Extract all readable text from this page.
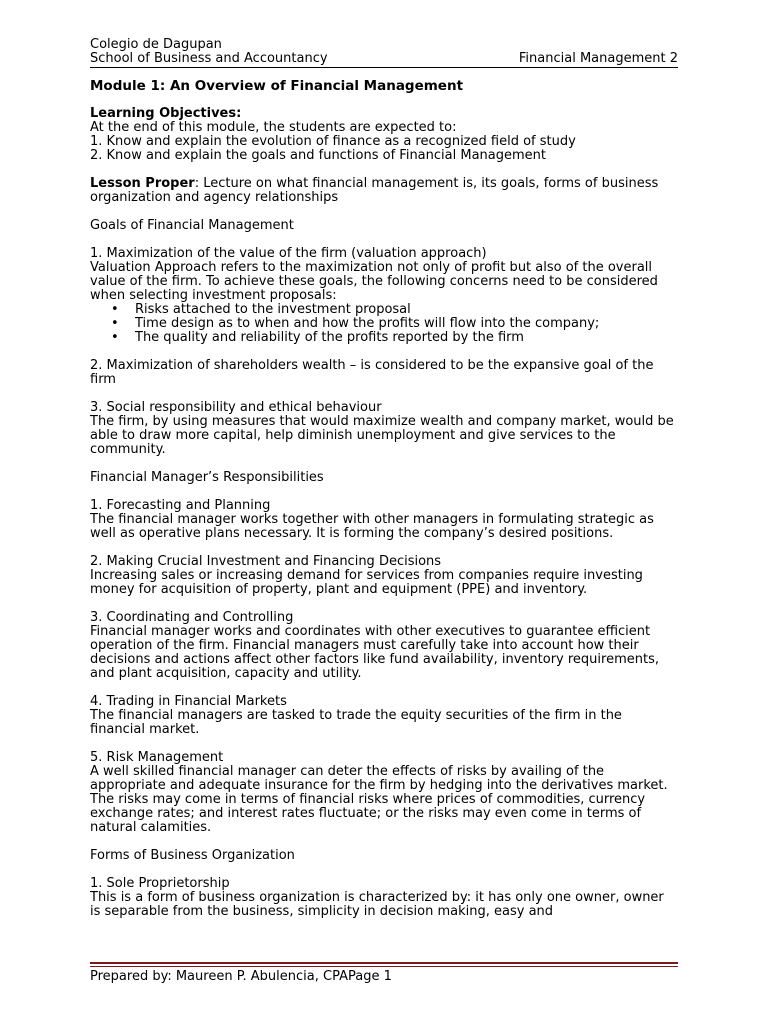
Colegio de Dagupan
School of Business and Accountancy	Financial Management 2
Module 1: An Overview of Financial Management

Learning Objectives:

At the end of this module, the students are expected to:

1. Know and explain the evolution of finance as a recognized field of study

2. Know and explain the goals and functions of Financial Management

Lesson Proper: Lecture on what financial management is, its goals, forms of business organization and agency relationships

Goals of Financial Management

1. Maximization of the value of the firm (valuation approach)

Valuation Approach refers to the maximization not only of profit but also of the overall value of the firm. To achieve these goals, the following concerns need to be considered when selecting investment proposals:

• Risks attached to the investment proposal
• Time design as to when and how the profits will flow into the company;
• The quality and reliability of the profits reported by the firm

2. Maximization of shareholders wealth – is considered to be the expansive goal of the firm

3. Social responsibility and ethical behaviour

The firm, by using measures that would maximize wealth and company market, would be able to draw more capital, help diminish unemployment and give services to the community.

Financial Manager’s Responsibilities

1. Forecasting and Planning

The financial manager works together with other managers in formulating strategic as well as operative plans necessary. It is forming the company’s desired positions.

2. Making Crucial Investment and Financing Decisions

Increasing sales or increasing demand for services from companies require investing money for acquisition of property, plant and equipment (PPE) and inventory.

3. Coordinating and Controlling

Financial manager works and coordinates with other executives to guarantee efficient operation of the firm. Financial managers must carefully take into account how their decisions and actions affect other factors like fund availability, inventory requirements, and plant acquisition, capacity and utility.

4. Trading in Financial Markets

The financial managers are tasked to trade the equity securities of the firm in the financial market.

5. Risk Management

A well skilled financial manager can deter the effects of risks by availing of the appropriate and adequate insurance for the firm by hedging into the derivatives market. The risks may come in terms of financial risks where prices of commodities, currency exchange rates; and interest rates fluctuate; or the risks may even come in terms of natural calamities.

Forms of Business Organization

1. Sole Proprietorship

This is a form of business organization is characterized by: it has only one owner, owner is separable from the business, simplicity in decision making, easy and

Prepared by: Maureen P. Abulencia, CPAPage 1
